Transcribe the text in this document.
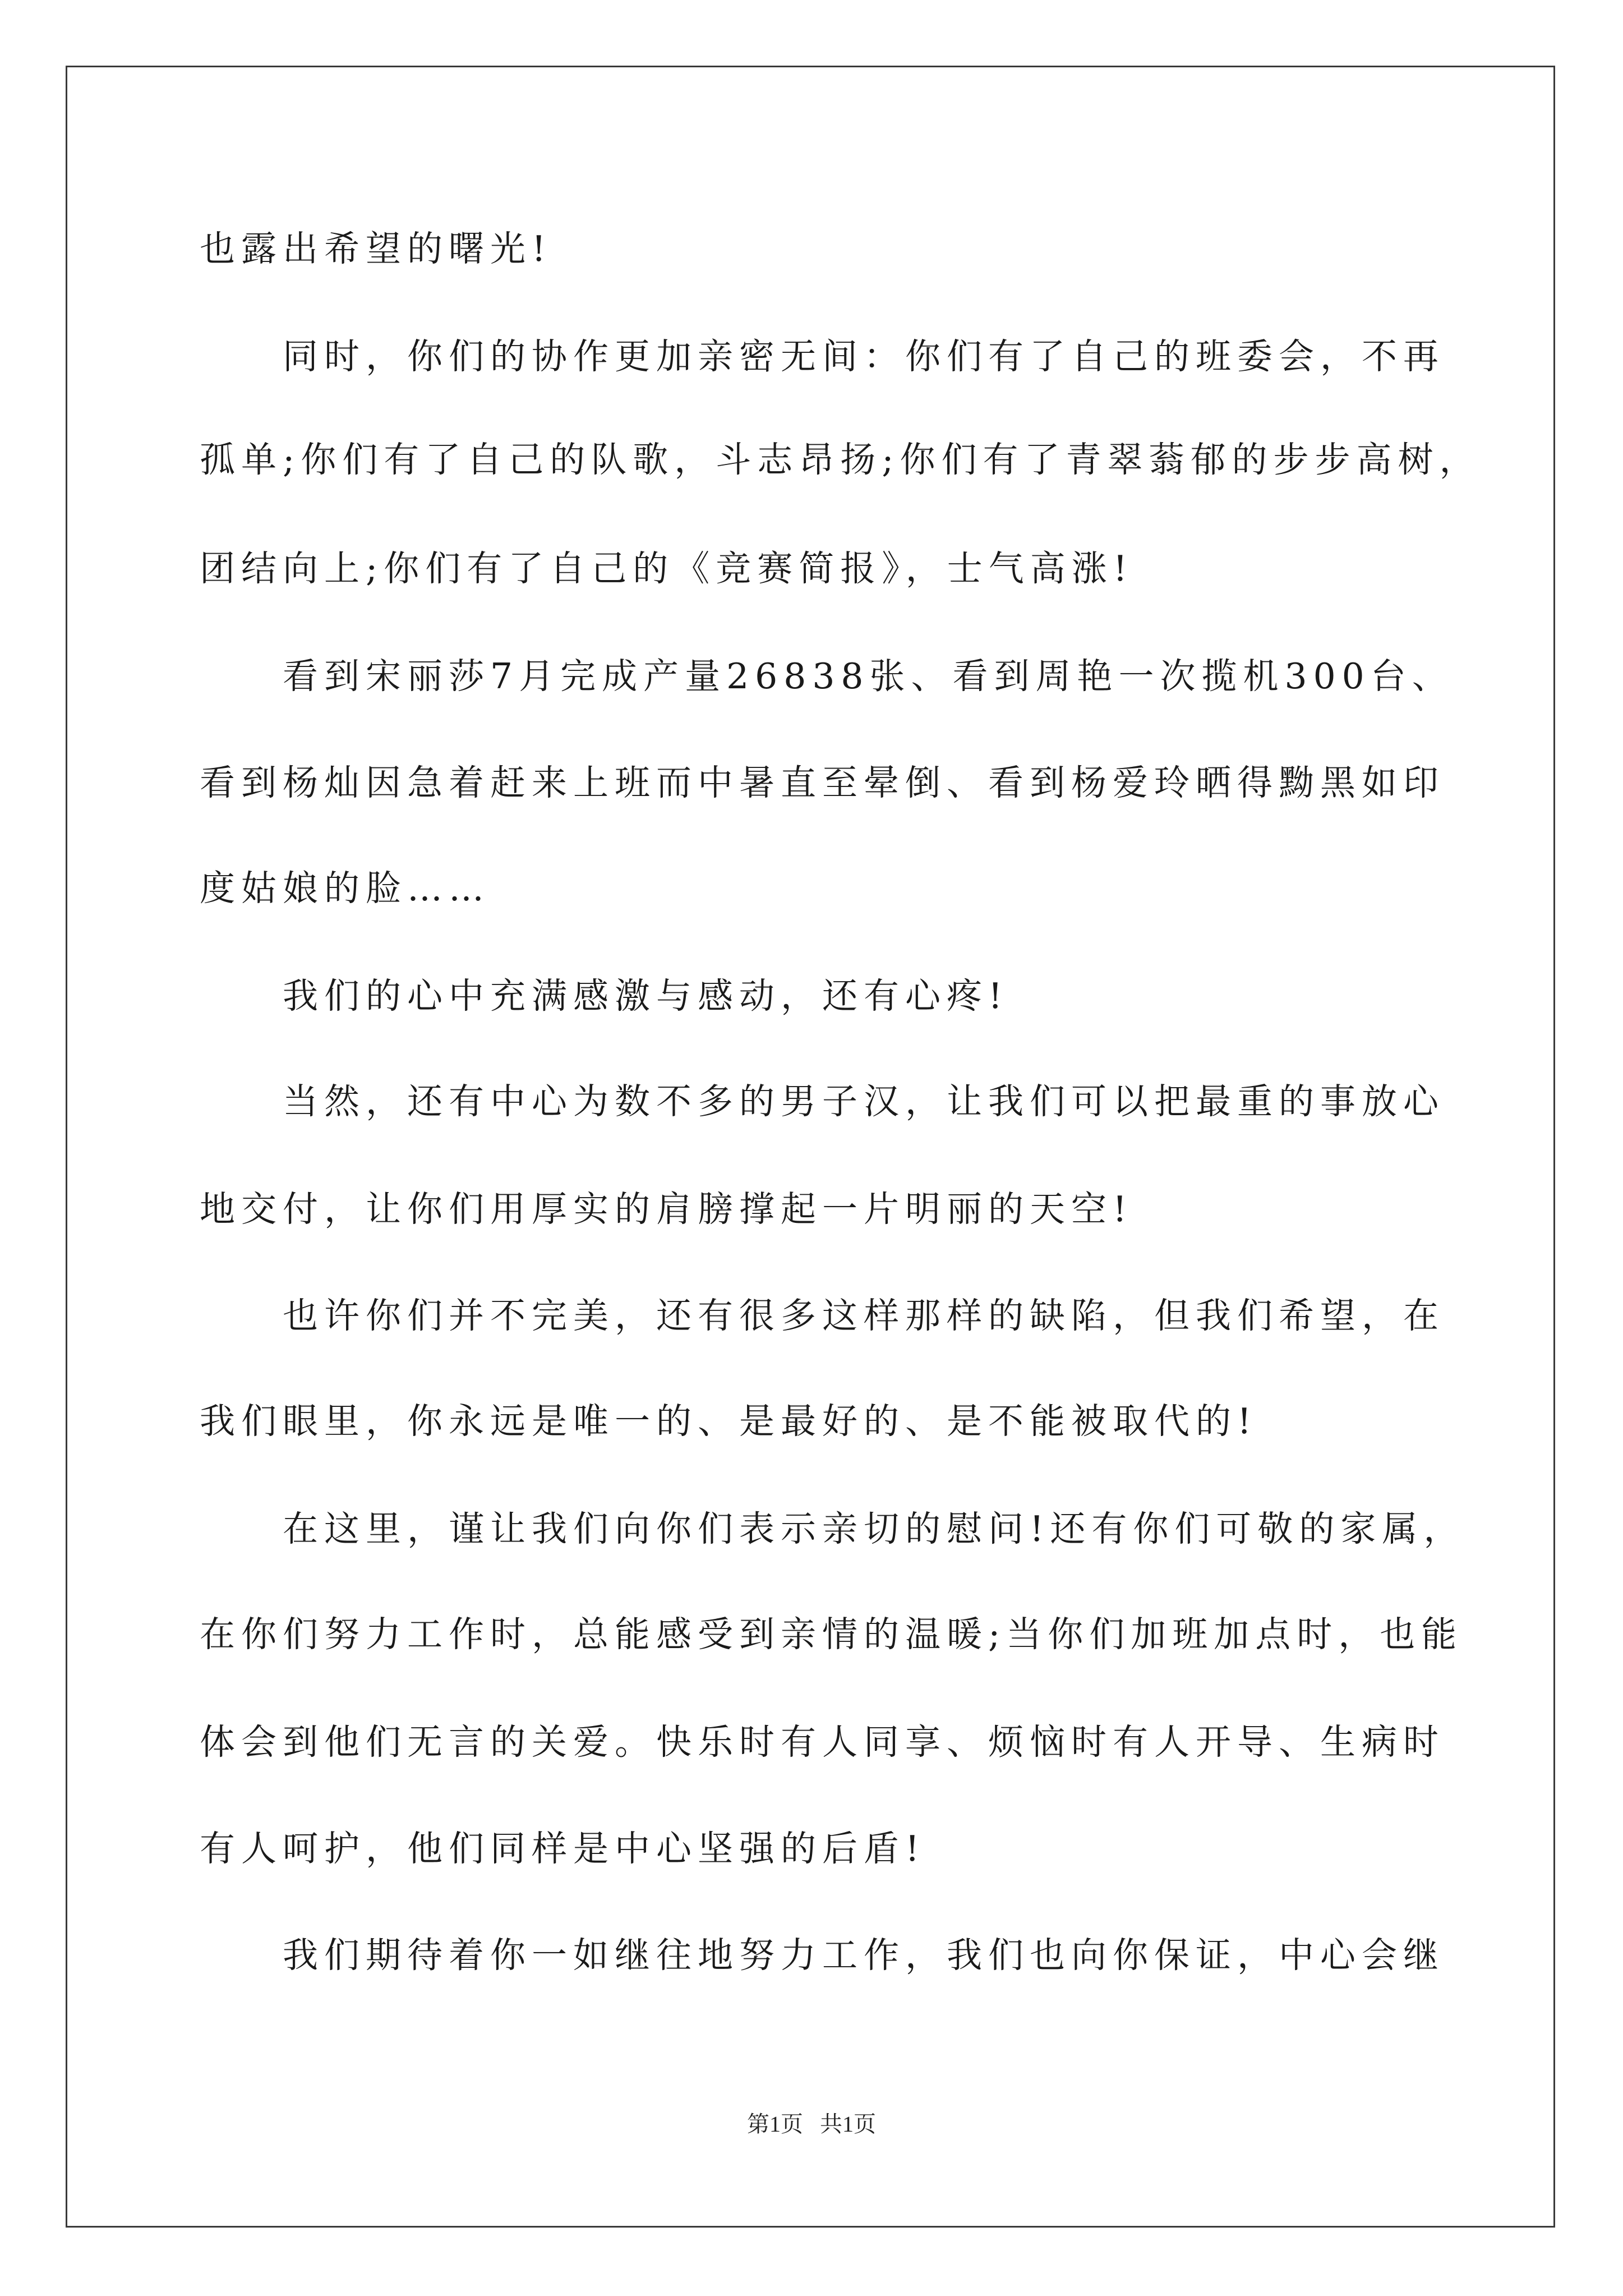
也露出希望的曙光!
同时，你们的协作更加亲密无间：你们有了自己的班委会，不再
孤单;你们有了自己的队歌，斗志昂扬;你们有了青翠蓊郁的步步高树，
团结向上;你们有了自己的《竞赛简报》，士气高涨!
看到宋丽莎7月完成产量26838张、看到周艳一次揽机300台、
看到杨灿因急着赶来上班而中暑直至晕倒、看到杨爱玲晒得黝黑如印
度姑娘的脸……
我们的心中充满感激与感动，还有心疼!
当然，还有中心为数不多的男子汉，让我们可以把最重的事放心
地交付，让你们用厚实的肩膀撑起一片明丽的天空!
也许你们并不完美，还有很多这样那样的缺陷，但我们希望，在
我们眼里，你永远是唯一的、是最好的、是不能被取代的!
在这里，谨让我们向你们表示亲切的慰问!还有你们可敬的家属，
在你们努力工作时，总能感受到亲情的温暖;当你们加班加点时，也能
体会到他们无言的关爱。快乐时有人同享、烦恼时有人开导、生病时
有人呵护，他们同样是中心坚强的后盾!
我们期待着你一如继往地努力工作，我们也向你保证，中心会继
第1页   共1页
